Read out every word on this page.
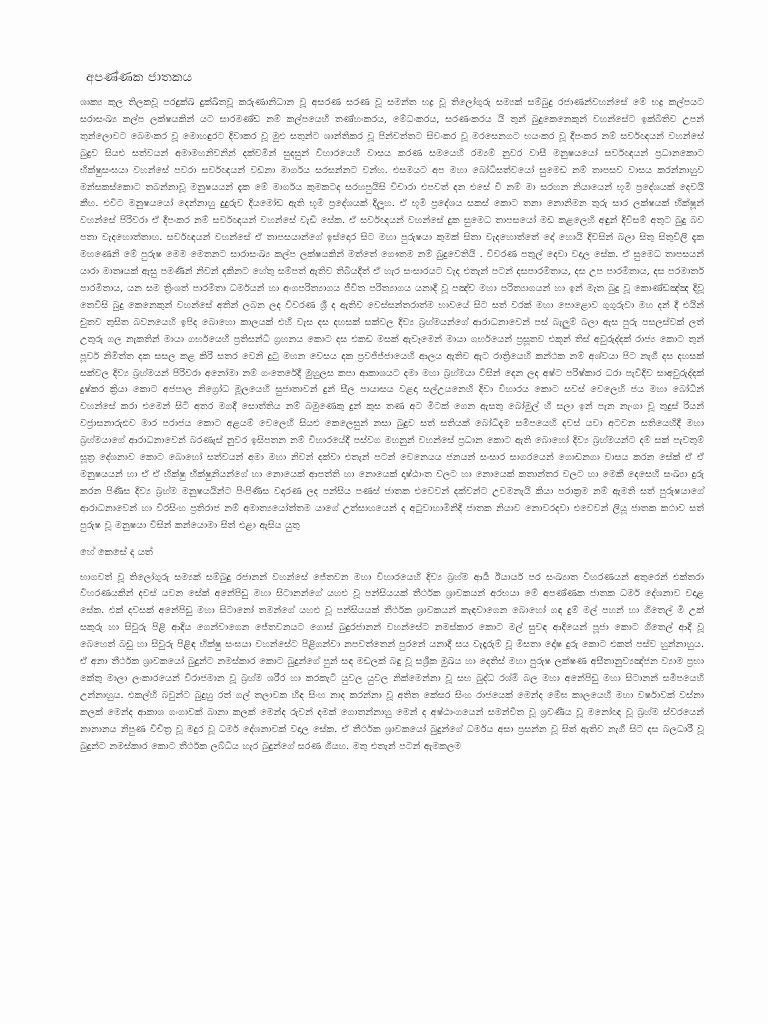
අපණ්ණක ජාතකය

ශාක්‍ය කුල තිලකවූ පරදුක්ඛ දුක්ඛිතවූ කරුණානිධාන වූ අසරණ සරණ වූ සමන්ත භද්‍ර වූ තිලෝගුරු සම්‍යක් සම්බුදු රජාණන්වහන්සේ මේ භද්‍ර කල්පයට සරාසංඛ්‍ය කල්ප ලක්ෂයකින් යට සාරමණ්ඩ නම් කල්පයෙහි තණ්හංකරය, මේධංකරය, සරණංකරය යි තුන් බුදුකෙනෙකුන් වහන්සේට ඉක්බිතිව උපන් තුන්ලොවට බෙමංකර වූ මොහඳුරට දිවාකර වූ මුළු සතුන්ට ශාන්තිකර වූ පින්වත්තට සිවංකර වූ මරසෙනගට භයංකර වූ දීපංකර නම් සර්වඥයන් වහන්සේ බුදුව සියළු සත්වයන් අමාමහනිවනින් දක්වමින් සුදසුන් විහාරයෙහි වාසය කරණ සමයෙහි රම්‍යම් නුවර වාසී මනුෂයයෝ සර්වඥයන් ප්‍රධානකොට භික්ෂුසංඝයා වහන්සේ පවරා සර්වඥයන් වඩනා මාර්ගය සරසන්නට වන්හ. එසමයට අප මහා බෝධිසත්වයෝ සුමෙඩ නම් තාපසව වාසය කරන්නාහුව මන්සකස්කොට තබන්නාවූ මනුෂයයන් දැක මේ මාර්ගය කුමකටද සරහපුයිසි විචාරා එපවත් දන එසේ වී නම් මා සරහන නියායෙන් භූමි ප්‍රදේශයක් දෙවයි කීහ. එවිට මනුෂයයෝ දෙන්නාහු දුදුරුව දියමෝඩ ඇති භූමි ප්‍රදේශයක් දිලූහ. ඒ භූමි ප්‍රදේශය සකස් කොට තනා නොනිමන තුරු සාර ලක්ෂයක් භික්ෂූන් වහන්සේ පිරිවරා ඒ දීපංකර නම් සර්වඥයන් වහන්සේ වැඩි සේක. ඒ සර්වඥයන් වහන්සේ දුක සුමෙධ තාපසයෝ මඩ කළලෙහි අඳුන් දිවිසම් අතුට බුදු බව පතා වැදහොත්තාහ. සර්වඥයන් වහන්සේ ඒ තාපසයාන්ගේ ඉස්දොර සිට මහා පුරුෂයා කුමක් සිතා වැදහොත්තේ දෝ හොයි දිවසින් බලා සිතු සිතුවිලි දැක මහණෙනි මේ පුරුෂ මෙම මෙතනට සාරාසංඛ්‍ය කල්ප ලක්ෂයකින් මත්තේ ගෞතම නම් බුදුවෙතියි . විවරණ පතුල් දෙවා වදාල සේක. ඒ සුමෙධ තාපසයන් යාරා මාතෘයක් ඇසු පමණින් නිවන් දකිනට හේතු සම්පත් ඇතිව තිබියදිත් ඒ හැර සංසාරයට වැද එතැන් පටන් දසපාරමිතාය, දස උප පාරමිතාය, දස පරමාර්ත පාරමිතාය, යන සම ත්‍රිංශත් පාරමිතා ධර්මයන් හා අංගපරිත්‍යාගය ජීවිත පරිත්‍යාගය යනාදී වූ පඤ්ච මහා පරිත්‍යාගයන් හා ඉන් මැත බුදු වූ කොණ්ඩඤ්ඤ දිවූ තෙවිසි බුදු කෙනෙකුන් වහන්සේ අතින් ලබන ලද විවරණ ශ්‍රී ද ඇතිව වෙස්සන්තරාත්ම භාවයේ සිට සත් වරක් මහා පොළොව ගුගුරුවා මහ දන් දී එයින් චුතව තුසිත බවනයෙහි ඉපිද බොහො කාලයක් එහි වැස දස දහසක් සක්වල දිව්‍ය බ්‍රහ්මයන්ගේ ආරාධනාවෙන් පස් බැලුම් බලා ඇස පුරු පසලස්වක් ලත් උතුරු ගල නැකතින් මායා ගර්භයෙහි ප්‍රතිසන්ධි ග්‍රහනය කොට දස එකඩ මසක් ඇවෑමෙන් මායා ගර්භයෙන් ප්‍රසූතව එකූන් තිස් අවුරුද්දක් රාජ්‍ය කොට තුන් පූර්ව නිමිත්ත දක සසල කළ කිරි සතර වෙනි දුටු මහන වෙසය දක ප්‍රවජිජ්ජායෙහි ආලය ඇතිව ඇට රාත්‍රියෙහි කන්ථක නම් අශ්වයා පිට නැගී දස දහසක් සක්වල දිව්‍ය බ්‍රහ්මයන් පිරිවරා අනෝමා නම් ගංතෙරේදී මුහුලස කපා ආකාශයට දමා මහා බ්‍රහ්මයා විසින් දෙන ලද අෂ්ට පරිෂ්කාර ධරා පැවිදිව සාඅවුරුද්දක් දුෂ්කර ක්‍රියා කොට අජපාල නිග්‍රෝධ මූලයෙහි සුජාතාවන් දුන් සීල පායාසය වළදා සල්උයනෙහි දිවා විහාරය කොට සවස් වෙලෙහි ජය මහා බෝධීන් වහන්සේ කරා එමෙන් සිටි අතර මගදී සොත්තිය නම් බමුණෙකු දුන් කුස තණ අට මිටක් ගෙන ඇසතු බෝමුල් හි සලා ඉන් පැන නැංගා වූ තුදුස් රියන් වජ්‍රාසනාරුඪව මාර පරාජය කොට අළයම් වෙලෙහි සියළු කෙලෙසුන් නසා බුදුව සත් සතියක් බෝධිදැම සමීපයෙහි දවස් යවා අටවන සතියෙහිදී මහා බ්‍රහ්මයාගේ ආරාධනාවෙන් බරණැස් නුවර ඉසිපතන නම් විහාරයේදී පස්වග මහනුන් වහන්සේ ප්‍රධාන කොට ඇති බොහෝ දිව්‍ය බ්‍රහ්මයන්ට දම් සක් පැවතුම් සූත්‍ර දේශනාව කොට බොහෝ සත්වයන් අමා මහා නිවන් දක්වා එතැන් පටන් වෙනෙයය ජනයන් සංසාර සාගරයෙන් ගොඩනගා වාසය කරන සේක් ඒ ඒ මනුෂයයන් හා ඒ ඒ භික්ෂු භික්ෂුනියන්ගේ හා නොයෙක් ආපත්ති හා නොයෙක් දෘෂ්ඨාංත වලට හා නොයෙක් කතාන්තර වලට හා මෙකී දෙසෙහි සංඛ්‍යා දුරු කරන පිණිස දිව්‍ය බ්‍රහ්ම මනුෂයයින්ට පිංපිණිස වදාරණ ලද පන්සිය පණස් ජාතක එවෙවන් දක්වන්ට උවමනැයි කියා පරාක්‍රම නම් ඇමති සත් පුරුෂයාගේ ආරාධනාවෙන් හා විරසිංහ ප්‍රතිරාජ නම් අමාත්‍යයෝත්තම යාගේ උත්සාහයෙන් ද අටුවාහාමිනිදි ජාතක නියාව නොවරදවා එවෙවන් ලියූ ජාතක කථාව සත් පුරුෂ වූ මනුෂයා විසින් කන්යොමා සිත් එළා ඇසිය යුතු

හේ කෙසේ ද යත්

භාගවත් වූ තිලෝගුරු සම්‍යක් සම්බුදු රජානන් වහන්සේ ජේතවන මහා විහාරයෙහි දිව්‍ය බ්‍රහ්ම ආර්‍ය ඊයාර්ය පර සංඛ්‍යාත විහරණයන් අතුරෙන් එක්තරා විහරණයකින් දවස් යවන සේක් අනේපිඩු මහා සිටානන්ගේ යහළු වූ පන්සියයක් තීර්ථක ශ්‍රාවකයන් අරභයා මේ අපණ්ණක ජාතක ධර්ම දේශනාව වදාළ සේක. එක් දවසක් අනේපිඩු මහා සිටානෝ තමන්ගේ යහළු වූ පන්සියයක් තීර්ථක ශ්‍රාවකයන් කැඳවාගෙන බොහෝ ගඳ දුම් මල් පහන් හා ගිතෙල් මී උක් සකුරු හා සිවුරු පිළි ආදිය ගෙන්වාගෙන ජේතවනයට ගොස් බුදුරජානන් වහන්සේට නමස්කාර කොට මල් සුවඳ ආදියෙන් පූජා කොට ගිතෙල් ආදී වූ බෙහෙත් බඩු හා සිවුරු පිළිඳ භික්ෂු සංඝයා වහන්සේට පිළිගන්වා නපවත්තෙන් පුරනේ යනාදී සය වැදෑරුම් වූ මිසතා දෝෂ දුරු කොට එකත් පස්ව හුන්නාහුය. ඒ අනා තීර්ථක ශ්‍රාවකයෝ බුදුන්ට නමස්කාර කොට බුදුන්ගේ පුන් සඳ මඩලක් බඳු වූ සශ්‍රීක මුඛය හා දෙතිස් මහා පුරුෂ ලක්ෂණ අසීතානුව්‍යඤ්ජන ව්‍යාම ප්‍රභා කේතු මාලා ලංකාරයෙන් විරාජමාන වූ බ්‍රහ්ම ශරීර හා කරකැටි යුවල යුවල නික්මෙන්නා වූ සභ බුද්ධ රශ්මි බල මහා අනේපිඩු මහා සිටානන් සමීපයෙහි උන්නාහුය. එකල්හි බවුන්ට බුදුහු රත් ගල් තලාවක හිඳ සිංහ නාද කරන්නා වූ අතිත කේසර සිංහ රාජයෙක් මෙන්ද මේඝ කාලයෙහි මහා වර්ෂාවක් වස්නා කලක් මෙන්ද ආකාශ ගංගාවක් බානා කලක් මෙන්ද රුවන් දමක් ගොතන්නාහු මෙන් ද අෂ්ඨාංගයෙන් සමන්විත වූ ශ්‍රවණීය වූ මනෝඥ වූ බ්‍රහ්ම ස්වරයෙන් නානානය නිපුණ විචිත්‍ර වූ මදුර වූ ධර්ම දේශනාවක් වදාල සේක. ඒ තීර්ථක ශ්‍රාවකයෝ බුදුන්ගේ ධර්මය අසා ප්‍රසන්න වූ සිත් ඇතිව නැගී සිට දස බලධාරී වූ බුදුන්ට නමස්කාර කොට තීර්ථක ලබ්ධිය හැර බුදුන්ගේ සරණ ගියහ. මතු එතැන් පටන් ඇමකලම
